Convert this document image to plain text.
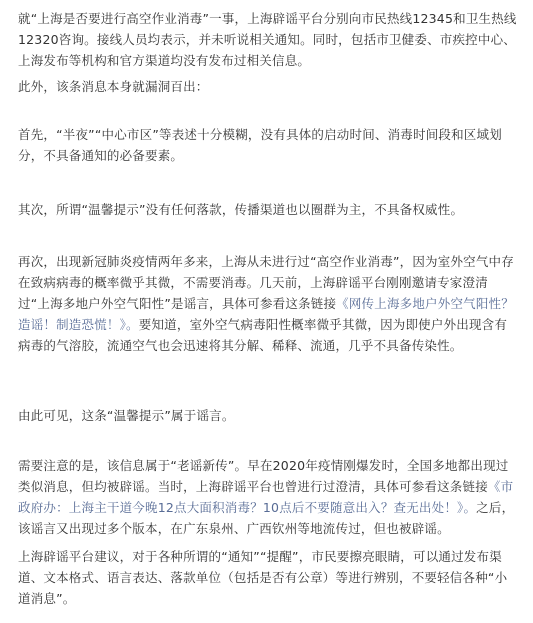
就“上海是否要进行高空作业消毒”一事，上海辟谣平台分别向市民热线12345和卫生热线12320咨询。接线人员均表示，并未听说相关通知。同时，包括市卫健委、市疾控中心、上海发布等机构和官方渠道均没有发布过相关信息。

此外，该条消息本身就漏洞百出：

首先，“半夜”“中心市区”等表述十分模糊，没有具体的启动时间、消毒时间段和区域划分，不具备通知的必备要素。

其次，所谓“温馨提示”没有任何落款，传播渠道也以圈群为主，不具备权威性。

再次，出现新冠肺炎疫情两年多来，上海从未进行过“高空作业消毒”，因为室外空气中存在致病病毒的概率微乎其微，不需要消毒。几天前，上海辟谣平台刚刚邀请专家澄清过“上海多地户外空气阳性”是谣言，具体可参看这条链接《网传上海多地户外空气阳性？造谣！制造恐慌！》。要知道，室外空气病毒阳性概率微乎其微，因为即使户外出现含有病毒的气溶胶，流通空气也会迅速将其分解、稀释、流通，几乎不具备传染性。

由此可见，这条“温馨提示”属于谣言。

需要注意的是，该信息属于“老谣新传”。早在2020年疫情刚爆发时，全国多地都出现过类似消息，但均被辟谣。当时，上海辟谣平台也曾进行过澄清，具体可参看这条链接《市政府办：上海主干道今晚12点大面积消毒？10点后不要随意出入？查无出处！》。之后，该谣言又出现过多个版本，在广东泉州、广西钦州等地流传过，但也被辟谣。

上海辟谣平台建议，对于各种所谓的“通知”“提醒”，市民要擦亮眼睛，可以通过发布渠道、文本格式、语言表达、落款单位（包括是否有公章）等进行辨别，不要轻信各种“小道消息”。
